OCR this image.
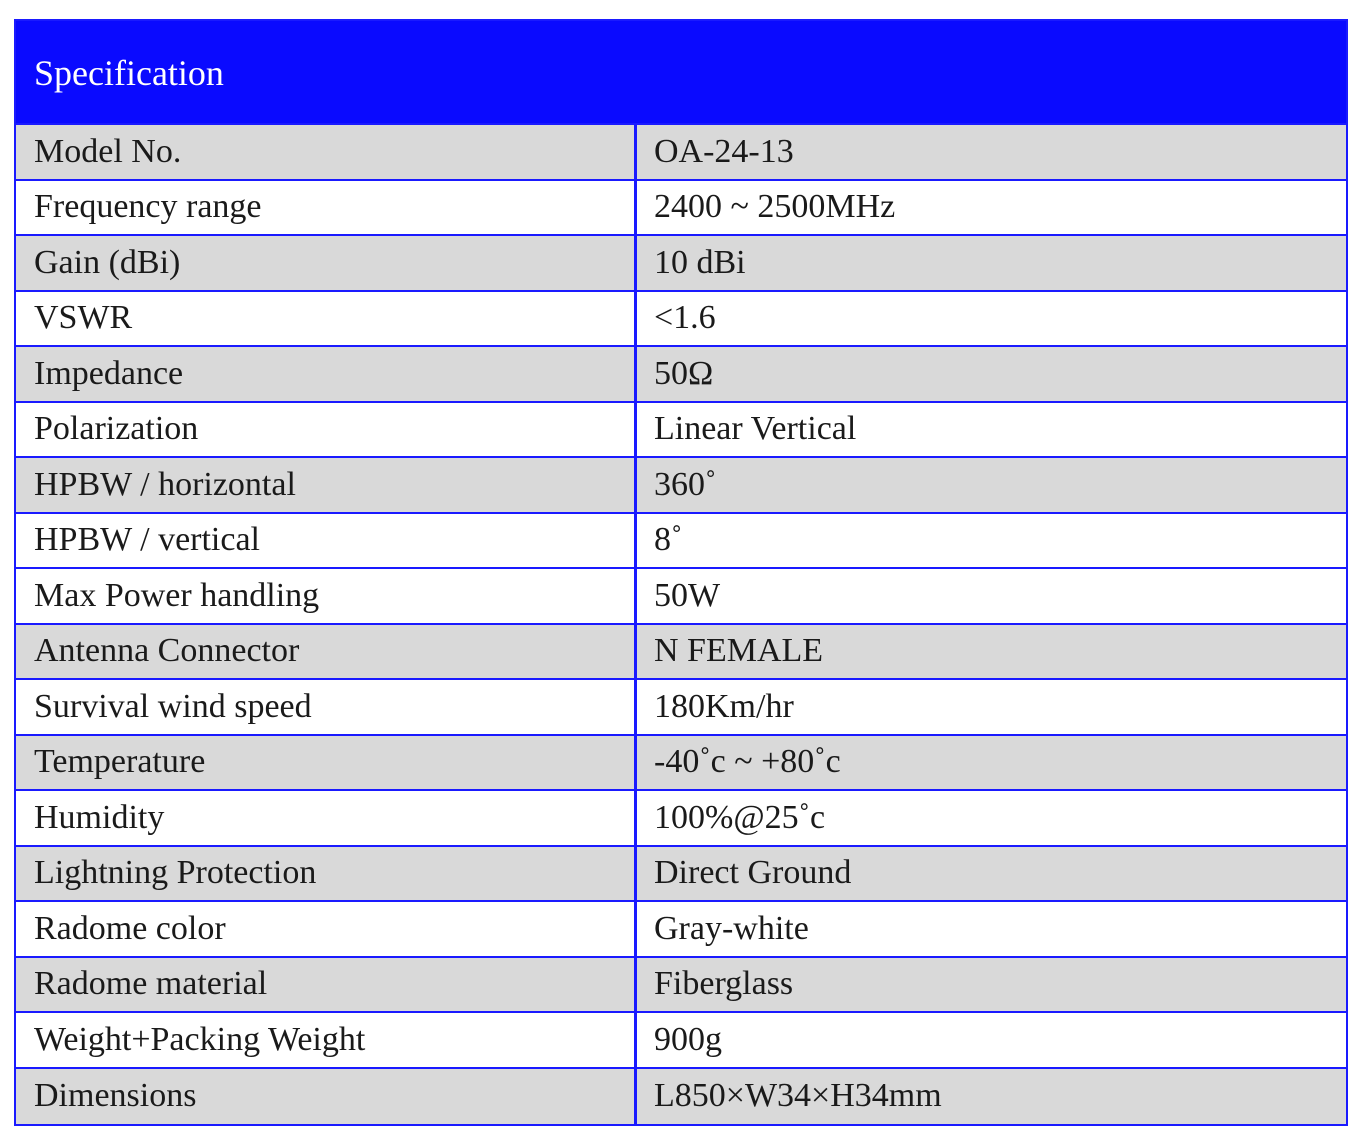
Specification
Model No.	OA-24-13
Frequency range	2400 ~ 2500MHz
Gain (dBi)	10 dBi
VSWR	<1.6
Impedance	50Ω
Polarization	Linear Vertical
HPBW / horizontal	360˚
HPBW / vertical	8˚
Max Power handling	50W
Antenna Connector	N FEMALE
Survival wind speed	180Km/hr
Temperature	-40˚c ~ +80˚c
Humidity	100%@25˚c
Lightning Protection	Direct Ground
Radome color	Gray-white
Radome material	Fiberglass
Weight+Packing Weight	900g
Dimensions	L850×W34×H34mm
